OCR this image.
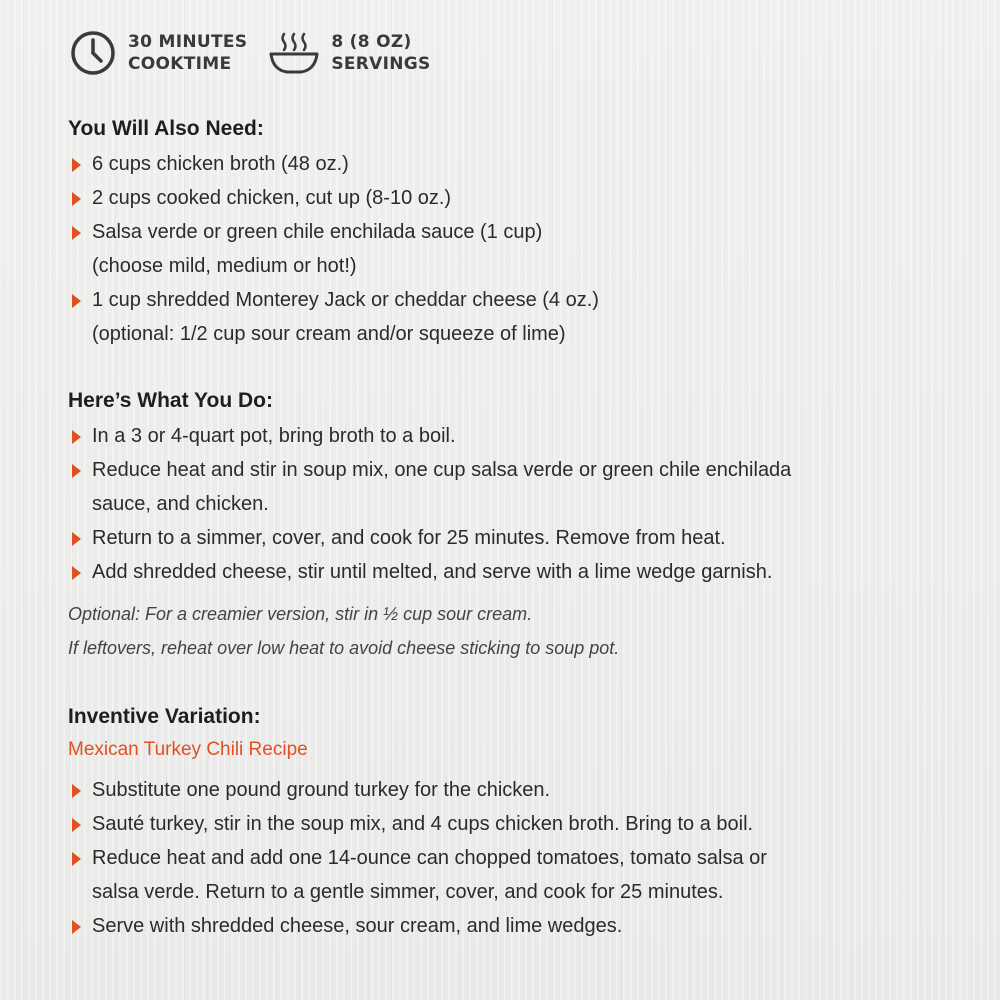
30 MINUTES
COOKTIME
8 (8 OZ)
SERVINGS
You Will Also Need:
6 cups chicken broth (48 oz.)
2 cups cooked chicken, cut up (8-10 oz.)
Salsa verde or green chile enchilada sauce (1 cup)
(choose mild, medium or hot!)
1 cup shredded Monterey Jack or cheddar cheese (4 oz.)
(optional: 1/2 cup sour cream and/or squeeze of lime)
Here’s What You Do:
In a 3 or 4-quart pot, bring broth to a boil.
Reduce heat and stir in soup mix, one cup salsa verde or green chile enchilada
sauce, and chicken.
Return to a simmer, cover, and cook for 25 minutes. Remove from heat.
Add shredded cheese, stir until melted, and serve with a lime wedge garnish.
Optional: For a creamier version, stir in ½ cup sour cream.
If leftovers, reheat over low heat to avoid cheese sticking to soup pot.
Inventive Variation:
Mexican Turkey Chili Recipe
Substitute one pound ground turkey for the chicken.
Sauté turkey, stir in the soup mix, and 4 cups chicken broth. Bring to a boil.
Reduce heat and add one 14-ounce can chopped tomatoes, tomato salsa or
salsa verde. Return to a gentle simmer, cover, and cook for 25 minutes.
Serve with shredded cheese, sour cream, and lime wedges.
